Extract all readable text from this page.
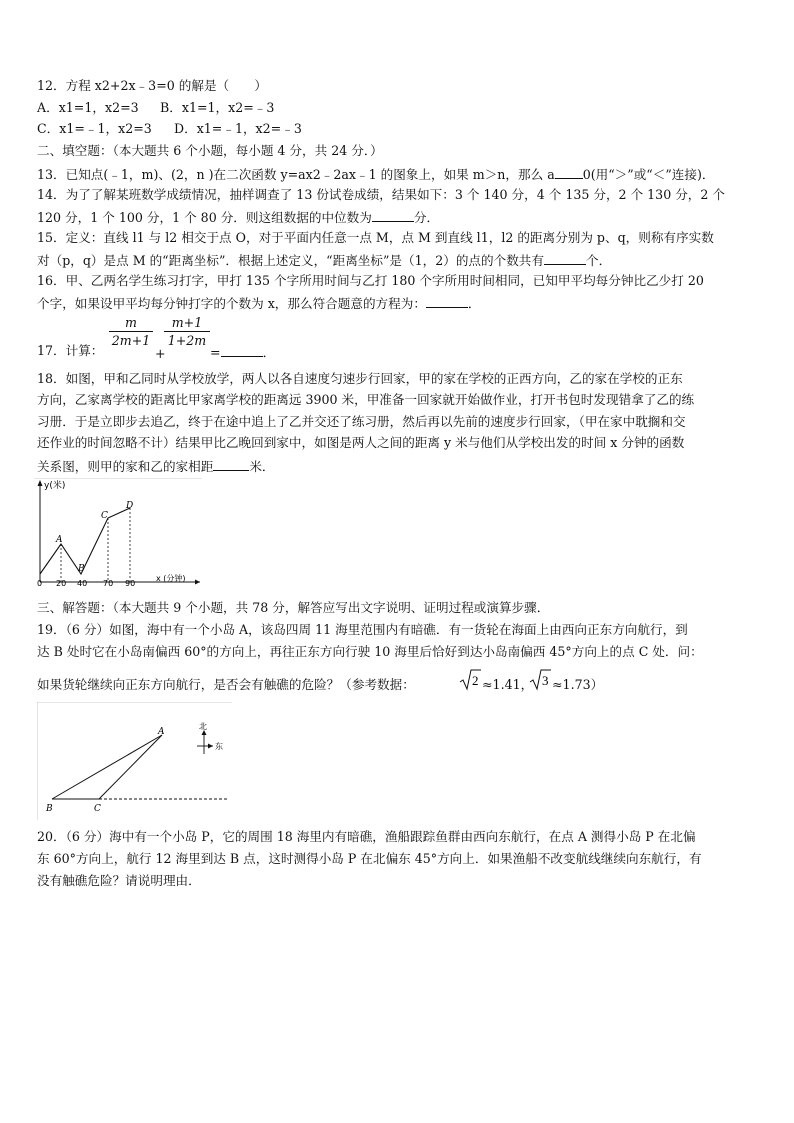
12．方程 x2+2x﹣3=0 的解是（　　）
A．x1=1，x2=3 B．x1=1，x2=﹣3
C．x1=﹣1，x2=3 D．x1=﹣1，x2=﹣3
二、填空题：（本大题共 6 个小题，每小题 4 分，共 24 分．）
13．已知点(﹣1，m)、(2，n )在二次函数 y=ax2﹣2ax﹣1 的图象上，如果 m＞n，那么 a 0(用“＞”或“＜”连接)．
14．为了了解某班数学成绩情况，抽样调查了 13 份试卷成绩，结果如下：3 个 140 分，4 个 135 分，2 个 130 分，2 个
120 分，1 个 100 分，1 个 80 分．则这组数据的中位数为	分．
15．定义：直线 l1 与 l2 相交于点 O，对于平面内任意一点 M，点 M 到直线 l1，l2 的距离分别为 p、q，则称有序实数
对（p，q）是点 M 的“距离坐标”．根据上述定义，“距离坐标”是（1，2）的点的个数共有	个．
16．甲、乙两名学生练习打字，甲打 135 个字所用时间与乙打 180 个字所用时间相同，已知甲平均每分钟比乙少打 20
个字，如果设甲平均每分钟打字的个数为 x，那么符合题意的方程为：	．
17．计算：
$\frac{m}{2m+1}$
+
$\frac{m+1}{1+2m}$
=	．
18．如图，甲和乙同时从学校放学，两人以各自速度匀速步行回家，甲的家在学校的正西方向，乙的家在学校的正东
方向，乙家离学校的距离比甲家离学校的距离远 3900 米，甲准备一回家就开始做作业，打开书包时发现错拿了乙的练
习册．于是立即步去追乙，终于在途中追上了乙并交还了练习册，然后再以先前的速度步行回家，（甲在家中耽搁和交
还作业的时间忽略不计）结果甲比乙晚回到家中，如图是两人之间的距离 y 米与他们从学校出发的时间 x 分钟的函数
关系图，则甲的家和乙的家相距	米．
y(米)
x (分钟)
0 20 40 70 90
A
B
C
D
三、解答题：（本大题共 9 个小题，共 78 分，解答应写出文字说明、证明过程或演算步骤．
19．（6 分）如图，海中有一个小岛 A，该岛四周 11 海里范围内有暗礁．有一货轮在海面上由西向正东方向航行，到
达 B 处时它在小岛南偏西 60°的方向上，再往正东方向行驶 10 海里后恰好到达小岛南偏西 45°方向上的点 C 处．问：
如果货轮继续向正东方向航行，是否会有触礁的危险？（参考数据：	2 ≈1.41， 3 ≈1.73）
B	C
A
北
东
20．（6 分）海中有一个小岛 P，它的周围 18 海里内有暗礁，渔船跟踪鱼群由西向东航行，在点 A 测得小岛 P 在北偏
东 60°方向上，航行 12 海里到达 B 点，这时测得小岛 P 在北偏东 45°方向上．如果渔船不改变航线继续向东航行，有
没有触礁危险？请说明理由．
